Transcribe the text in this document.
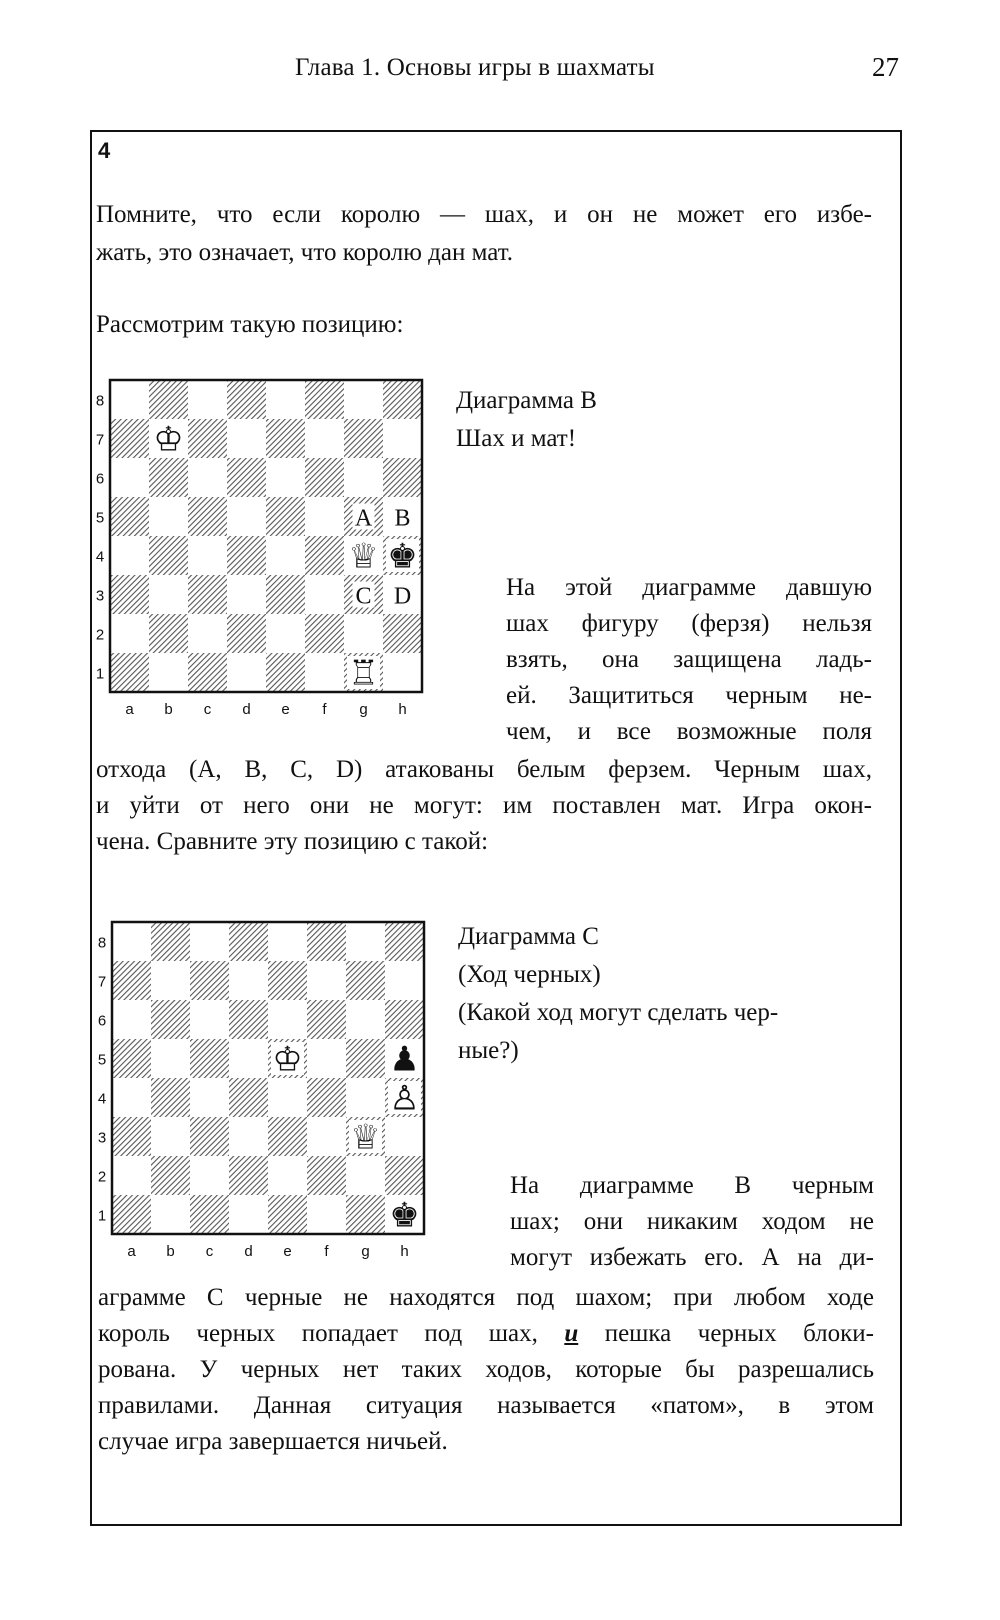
Глава 1. Основы игры в шахматы	27
4
Помните, что если королю — шах, и он не может его избе-
жать, это означает, что королю дан мат.
Рассмотрим такую позицию:
8
7
6
5
4
3
2
1
a b c d e f g h
♔
♕ ♚
♖
A B
C D
Диаграмма В
Шах и мат!
На этой диаграмме давшую
шах фигуру (ферзя) нельзя
взять, она защищена ладь-
ей. Защититься черным не-
чем, и все возможные поля
отхода (А, В, С, D) атакованы белым ферзем. Черным шах,
и уйти от него они не могут: им поставлен мат. Игра окон-
чена. Сравните эту позицию с такой:
8
7
6
5
4
3
2
1
a b c d e f g h
♔	♟
♙
♕
♚
Диаграмма С
(Ход черных)
(Какой ход могут сделать чер-
ные?)
На диаграмме В черным
шах; они никаким ходом не
могут избежать его. А на ди-
аграмме С черные не находятся под шахом; при любом ходе
король черных попадает под шах, и пешка черных блоки-
рована. У черных нет таких ходов, которые бы разрешались
правилами. Данная ситуация называется «патом», в этом
случае игра завершается ничьей.
